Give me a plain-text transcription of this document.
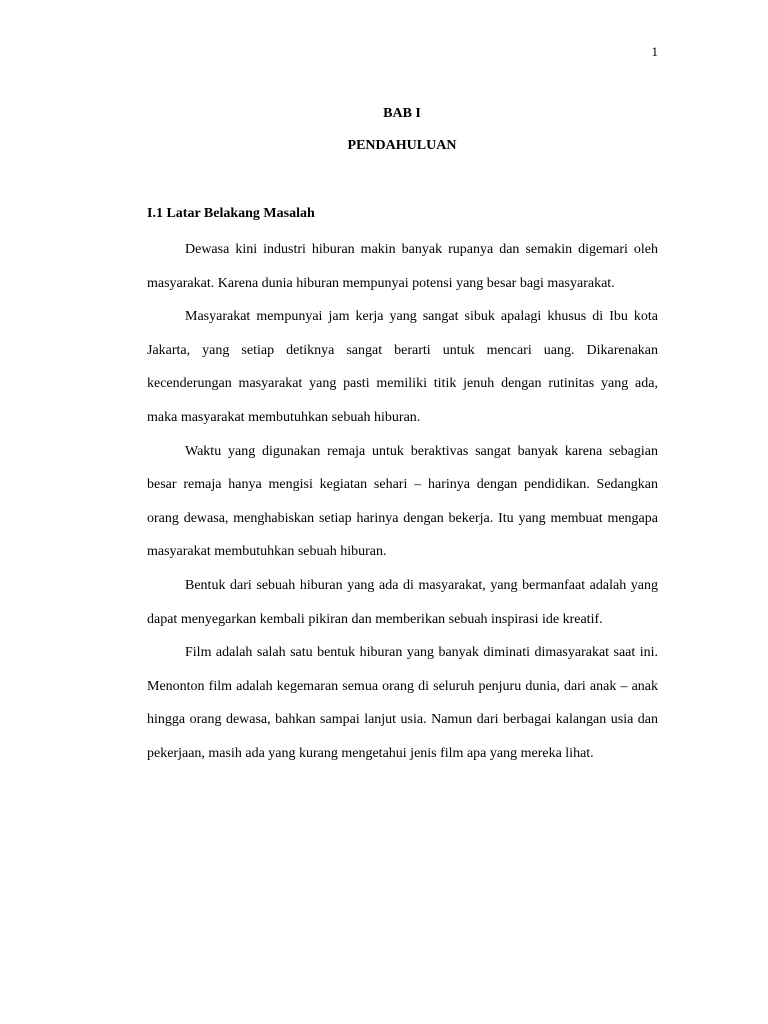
1
BAB I
PENDAHULUAN
I.1 Latar Belakang Masalah

Dewasa kini industri hiburan makin banyak rupanya dan semakin digemari oleh masyarakat. Karena dunia hiburan mempunyai potensi yang besar bagi masyarakat.

Masyarakat mempunyai jam kerja yang sangat sibuk apalagi khusus di Ibu kota Jakarta, yang setiap detiknya sangat berarti untuk mencari uang. Dikarenakan kecenderungan masyarakat yang pasti memiliki titik jenuh dengan rutinitas yang ada, maka masyarakat membutuhkan sebuah hiburan.

Waktu yang digunakan remaja untuk beraktivas sangat banyak karena sebagian besar remaja hanya mengisi kegiatan sehari – harinya dengan pendidikan. Sedangkan orang dewasa, menghabiskan setiap harinya dengan bekerja. Itu yang membuat mengapa masyarakat membutuhkan sebuah hiburan.

Bentuk dari sebuah hiburan yang ada di masyarakat, yang bermanfaat adalah yang dapat menyegarkan kembali pikiran dan memberikan sebuah inspirasi ide kreatif.

Film adalah salah satu bentuk hiburan yang banyak diminati dimasyarakat saat ini. Menonton film adalah kegemaran semua orang di seluruh penjuru dunia, dari anak – anak hingga orang dewasa, bahkan sampai lanjut usia. Namun dari berbagai kalangan usia dan pekerjaan, masih ada yang kurang mengetahui jenis film apa yang mereka lihat.
